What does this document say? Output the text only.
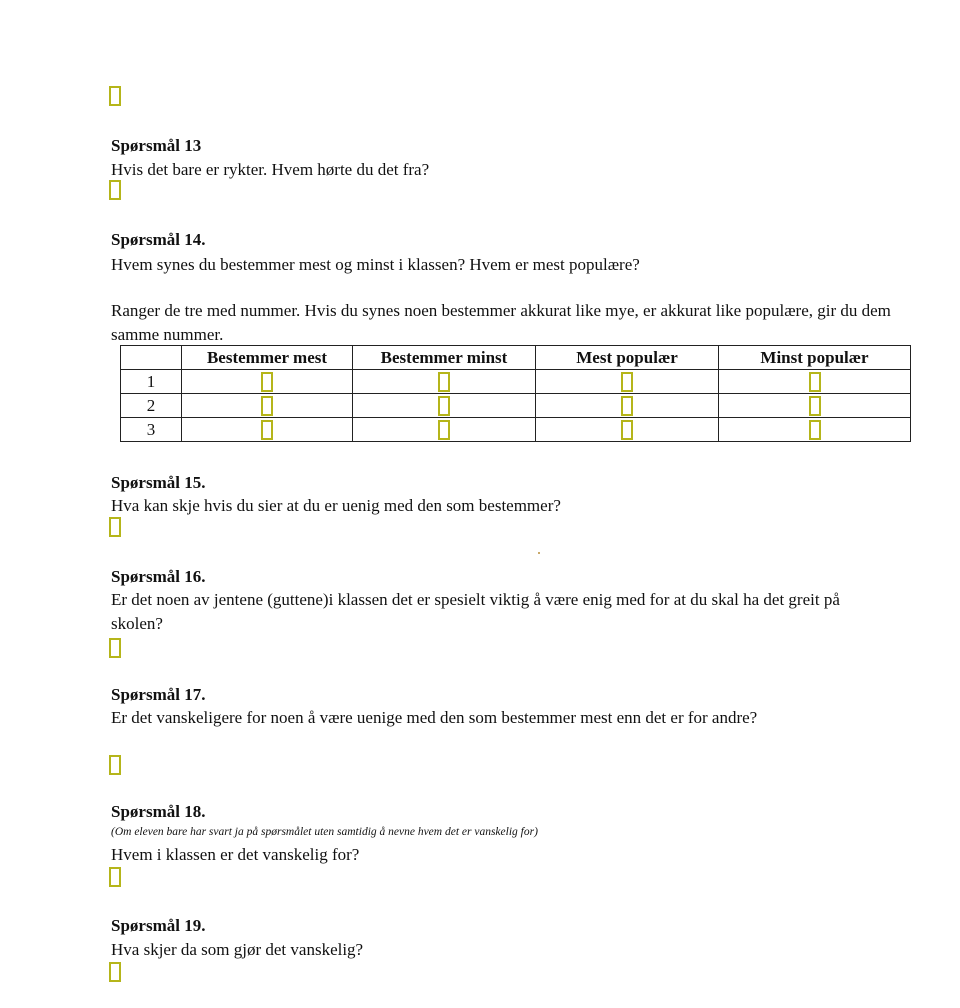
Spørsmål 13
Hvis det bare er rykter. Hvem hørte du det fra?
Spørsmål 14.
Hvem synes du bestemmer mest og minst i klassen? Hvem er mest populære?
Ranger de tre med nummer. Hvis du synes noen bestemmer akkurat like mye, er akkurat like populære, gir du dem samme nummer.
	Bestemmer mest	Bestemmer minst	Mest populær	Minst populær
1				
2				
3				
Spørsmål 15.
Hva kan skje hvis du sier at du er uenig med den som bestemmer?
Spørsmål 16.
Er det noen av jentene (guttene)i klassen det er spesielt viktig å være enig med for at du skal ha det greit på skolen?
Spørsmål 17.
Er det vanskeligere for noen å være uenige med den som bestemmer mest enn det er for andre?
Spørsmål 18.
(Om eleven bare har svart ja på spørsmålet uten samtidig å nevne hvem det er vanskelig for)
Hvem i klassen er det vanskelig for?
Spørsmål 19.
Hva skjer da som gjør det vanskelig?
